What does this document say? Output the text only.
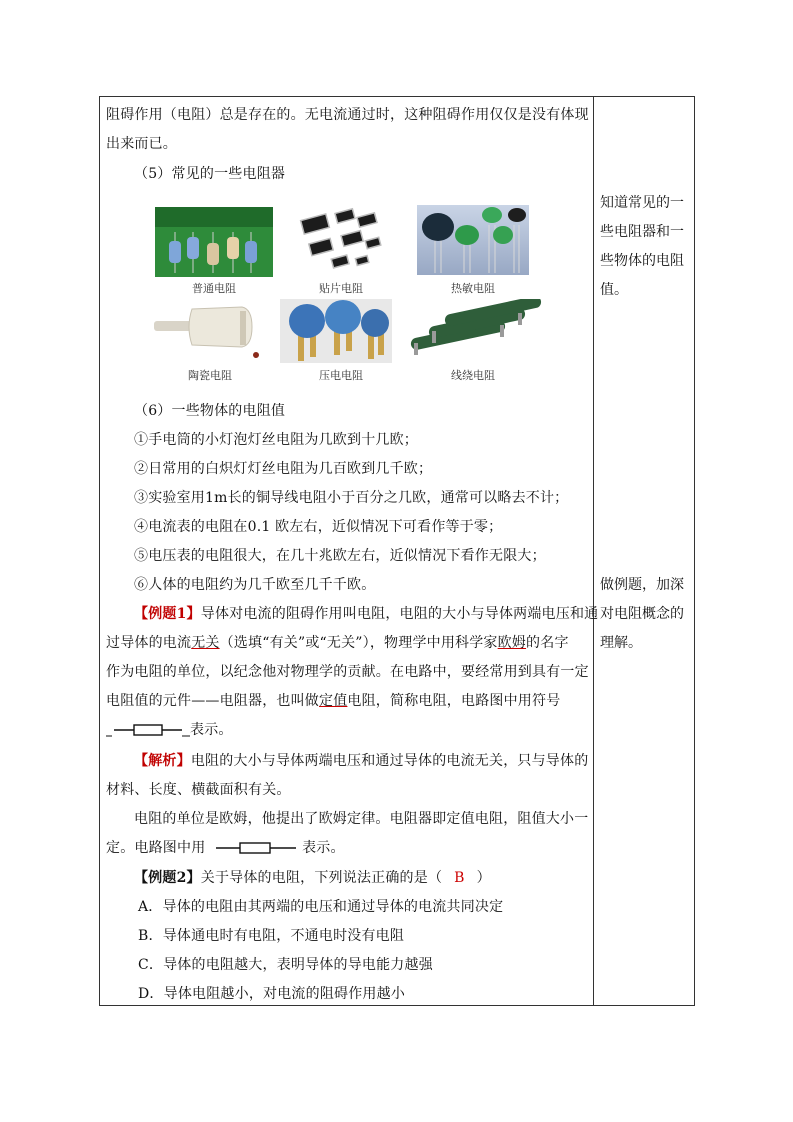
阻碍作用（电阻）总是存在的。无电流通过时，这种阻碍作用仅仅是没有体现
出来而已。
（5）常见的一些电阻器
普通电阻	贴片电阻	热敏电阻
陶瓷电阻	压电电阻	线绕电阻
（6）一些物体的电阻值
①手电筒的小灯泡灯丝电阻为几欧到十几欧；
②日常用的白炽灯灯丝电阻为几百欧到几千欧；
③实验室用1m长的铜导线电阻小于百分之几欧，通常可以略去不计；
④电流表的电阻在0.1 欧左右，近似情况下可看作等于零；
⑤电压表的电阻很大，在几十兆欧左右，近似情况下看作无限大；
⑥人体的电阻约为几千欧至几千千欧。
【例题1】导体对电流的阻碍作用叫电阻，电阻的大小与导体两端电压和通
过导体的电流无关（选填“有关”或“无关”），物理学中用科学家欧姆的名字
作为电阻的单位，以纪念他对物理学的贡献。在电路中，要经常用到具有一定
电阻值的元件——电阻器，也叫做定值电阻，简称电阻，电路图中用符号
表示。
【解析】电阻的大小与导体两端电压和通过导体的电流无关，只与导体的
材料、长度、横截面积有关。
电阻的单位是欧姆，他提出了欧姆定律。电阻器即定值电阻，阻值大小一
定。电路图中用	表示。
【例题2】关于导体的电阻，下列说法正确的是（ B ）
A．导体的电阻由其两端的电压和通过导体的电流共同决定
B．导体通电时有电阻，不通电时没有电阻
C．导体的电阻越大，表明导体的导电能力越强
D．导体电阻越小，对电流的阻碍作用越小
知道常见的一
些电阻器和一
些物体的电阻
值。
做例题，加深
对电阻概念的
理解。
